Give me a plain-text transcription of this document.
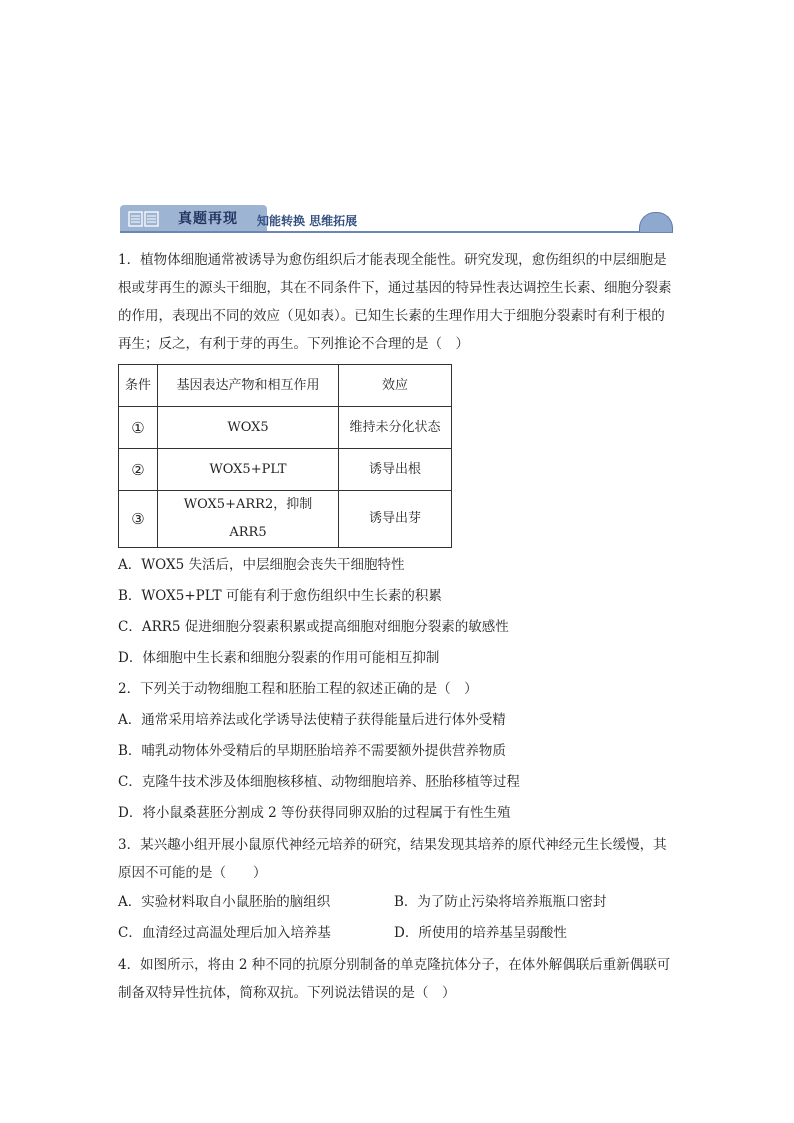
真题再现 知能转换 思维拓展

1．植物体细胞通常被诱导为愈伤组织后才能表现全能性。研究发现，愈伤组织的中层细胞是根或芽再生的源头干细胞，其在不同条件下，通过基因的特异性表达调控生长素、细胞分裂素的作用，表现出不同的效应（见如表）。已知生长素的生理作用大于细胞分裂素时有利于根的再生；反之，有利于芽的再生。下列推论不合理的是（　）

条件	基因表达产物和相互作用	效应
①	WOX5	维持未分化状态
②	WOX5+PLT	诱导出根
③	WOX5+ARR2，抑制 ARR5	诱导出芽

A．WOX5 失活后，中层细胞会丧失干细胞特性

B．WOX5+PLT 可能有利于愈伤组织中生长素的积累

C．ARR5 促进细胞分裂素积累或提高细胞对细胞分裂素的敏感性

D．体细胞中生长素和细胞分裂素的作用可能相互抑制

2．下列关于动物细胞工程和胚胎工程的叙述正确的是（　）

A．通常采用培养法或化学诱导法使精子获得能量后进行体外受精

B．哺乳动物体外受精后的早期胚胎培养不需要额外提供营养物质

C．克隆牛技术涉及体细胞核移植、动物细胞培养、胚胎移植等过程

D．将小鼠桑葚胚分割成 2 等份获得同卵双胎的过程属于有性生殖

3．某兴趣小组开展小鼠原代神经元培养的研究，结果发现其培养的原代神经元生长缓慢，其原因不可能的是（　　）

A．实验材料取自小鼠胚胎的脑组织	B．为了防止污染将培养瓶瓶口密封
C．血清经过高温处理后加入培养基	D．所使用的培养基呈弱酸性

4．如图所示，将由 2 种不同的抗原分别制备的单克隆抗体分子，在体外解偶联后重新偶联可制备双特异性抗体，简称双抗。下列说法错误的是（　）
